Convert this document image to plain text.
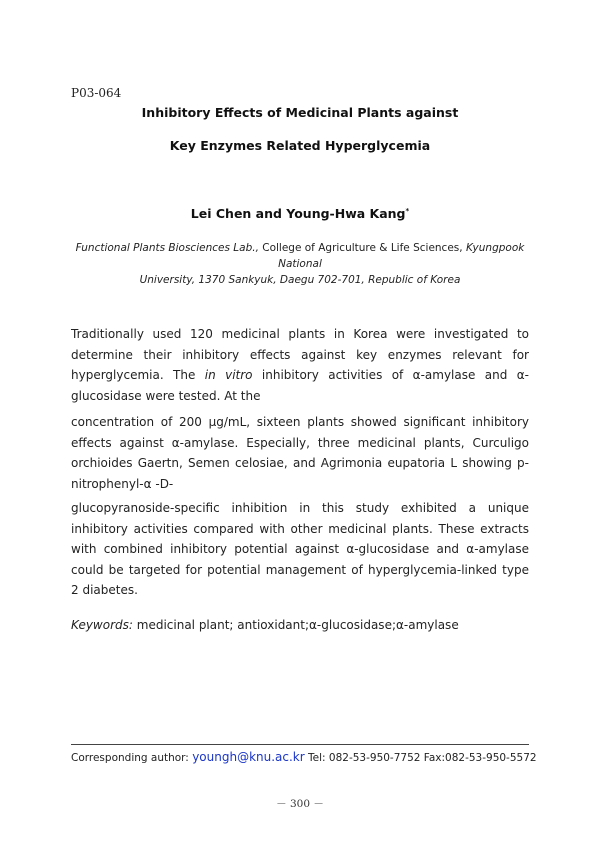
P03-064
Inhibitory Effects of Medicinal Plants against
Key Enzymes Related Hyperglycemia
Lei Chen and Young-Hwa Kang*
Functional Plants Biosciences Lab., College of Agriculture & Life Sciences, Kyungpook National
University, 1370 Sankyuk, Daegu 702-701, Republic of Korea
Traditionally used 120 medicinal plants in Korea were investigated to determine their inhibitory effects against key enzymes relevant for hyperglycemia. The in vitro inhibitory activities of α-amylase and α-glucosidase were tested. At the
concentration of 200 μg/mL, sixteen plants showed significant inhibitory effects against α-amylase. Especially, three medicinal plants, Curculigo orchioides Gaertn, Semen celosiae, and Agrimonia eupatoria L showing p-nitrophenyl-α -D-
glucopyranoside-specific inhibition in this study exhibited a unique inhibitory activities compared with other medicinal plants. These extracts with combined inhibitory potential against α-glucosidase and α-amylase could be targeted for potential management of hyperglycemia-linked type 2 diabetes.
Keywords: medicinal plant; antioxidant;α-glucosidase;α-amylase
Corresponding author: youngh@knu.ac.kr Tel: 082-53-950-7752 Fax:082-53-950-5572
－ 300 －
